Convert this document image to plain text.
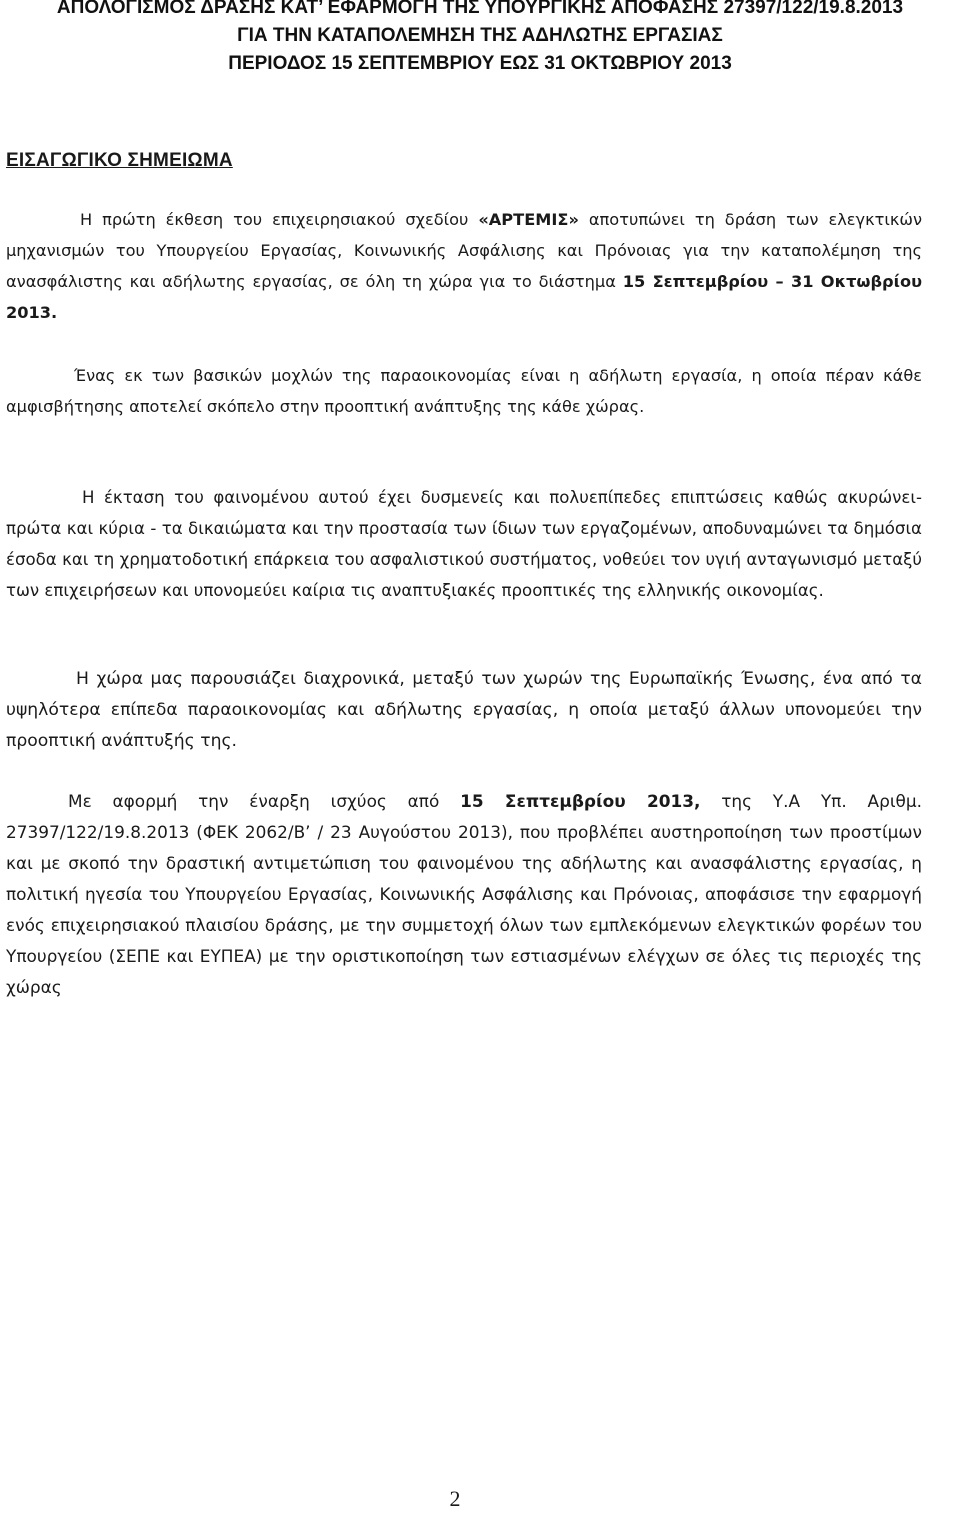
ΑΠΟΛΟΓΙΣΜΟΣ ΔΡΑΣΗΣ ΚΑΤ’ ΕΦΑΡΜΟΓΗ ΤΗΣ ΥΠΟΥΡΓΙΚΗΣ ΑΠΟΦΑΣΗΣ 27397/122/19.8.2013
ΓΙΑ ΤΗΝ ΚΑΤΑΠΟΛΕΜΗΣΗ ΤΗΣ ΑΔΗΛΩΤΗΣ ΕΡΓΑΣΙΑΣ
ΠΕΡΙΟΔΟΣ 15 ΣΕΠΤΕΜΒΡΙΟΥ ΕΩΣ 31 ΟΚΤΩΒΡΙΟΥ 2013
ΕΙΣΑΓΩΓΙΚΟ ΣΗΜΕΙΩΜΑ

Η πρώτη έκθεση του επιχειρησιακού σχεδίου «ΑΡΤΕΜΙΣ» αποτυπώνει τη δράση των ελεγκτικών μηχανισμών του Υπουργείου Εργασίας, Κοινωνικής Ασφάλισης και Πρόνοιας για την καταπολέμηση της ανασφάλιστης και αδήλωτης εργασίας, σε όλη τη χώρα για το διάστημα 15 Σεπτεμβρίου – 31 Οκτωβρίου 2013.

Ένας εκ των βασικών μοχλών της παραοικονομίας είναι η αδήλωτη εργασία, η οποία πέραν κάθε αμφισβήτησης αποτελεί σκόπελο στην προοπτική ανάπτυξης της κάθε χώρας.

Η έκταση του φαινομένου αυτού έχει δυσμενείς και πολυεπίπεδες επιπτώσεις καθώς ακυρώνει- πρώτα και κύρια - τα δικαιώματα και την προστασία των ίδιων των εργαζομένων, αποδυναμώνει τα δημόσια έσοδα και τη χρηματοδοτική επάρκεια του ασφαλιστικού συστήματος, νοθεύει τον υγιή ανταγωνισμό μεταξύ των επιχειρήσεων και υπονομεύει καίρια τις αναπτυξιακές προοπτικές της ελληνικής οικονομίας.

Η χώρα μας παρουσιάζει διαχρονικά, μεταξύ των χωρών της Ευρωπαϊκής Ένωσης, ένα από τα υψηλότερα επίπεδα παραοικονομίας και αδήλωτης εργασίας, η οποία μεταξύ άλλων υπονομεύει την προοπτική ανάπτυξής της.

Με αφορμή την έναρξη ισχύος από 15 Σεπτεμβρίου 2013, της Υ.Α Υπ. Αριθμ. 27397/122/19.8.2013 (ΦΕΚ 2062/Β’ / 23 Αυγούστου 2013), που προβλέπει αυστηροποίηση των προστίμων και με σκοπό την δραστική αντιμετώπιση του φαινομένου της αδήλωτης και ανασφάλιστης εργασίας, η πολιτική ηγεσία του Υπουργείου Εργασίας, Κοινωνικής Ασφάλισης και Πρόνοιας, αποφάσισε την εφαρμογή ενός επιχειρησιακού πλαισίου δράσης, με την συμμετοχή όλων των εμπλεκόμενων ελεγκτικών φορέων του Υπουργείου (ΣΕΠΕ και ΕΥΠΕΑ) με την οριστικοποίηση των εστιασμένων ελέγχων σε όλες τις περιοχές της χώρας

2
